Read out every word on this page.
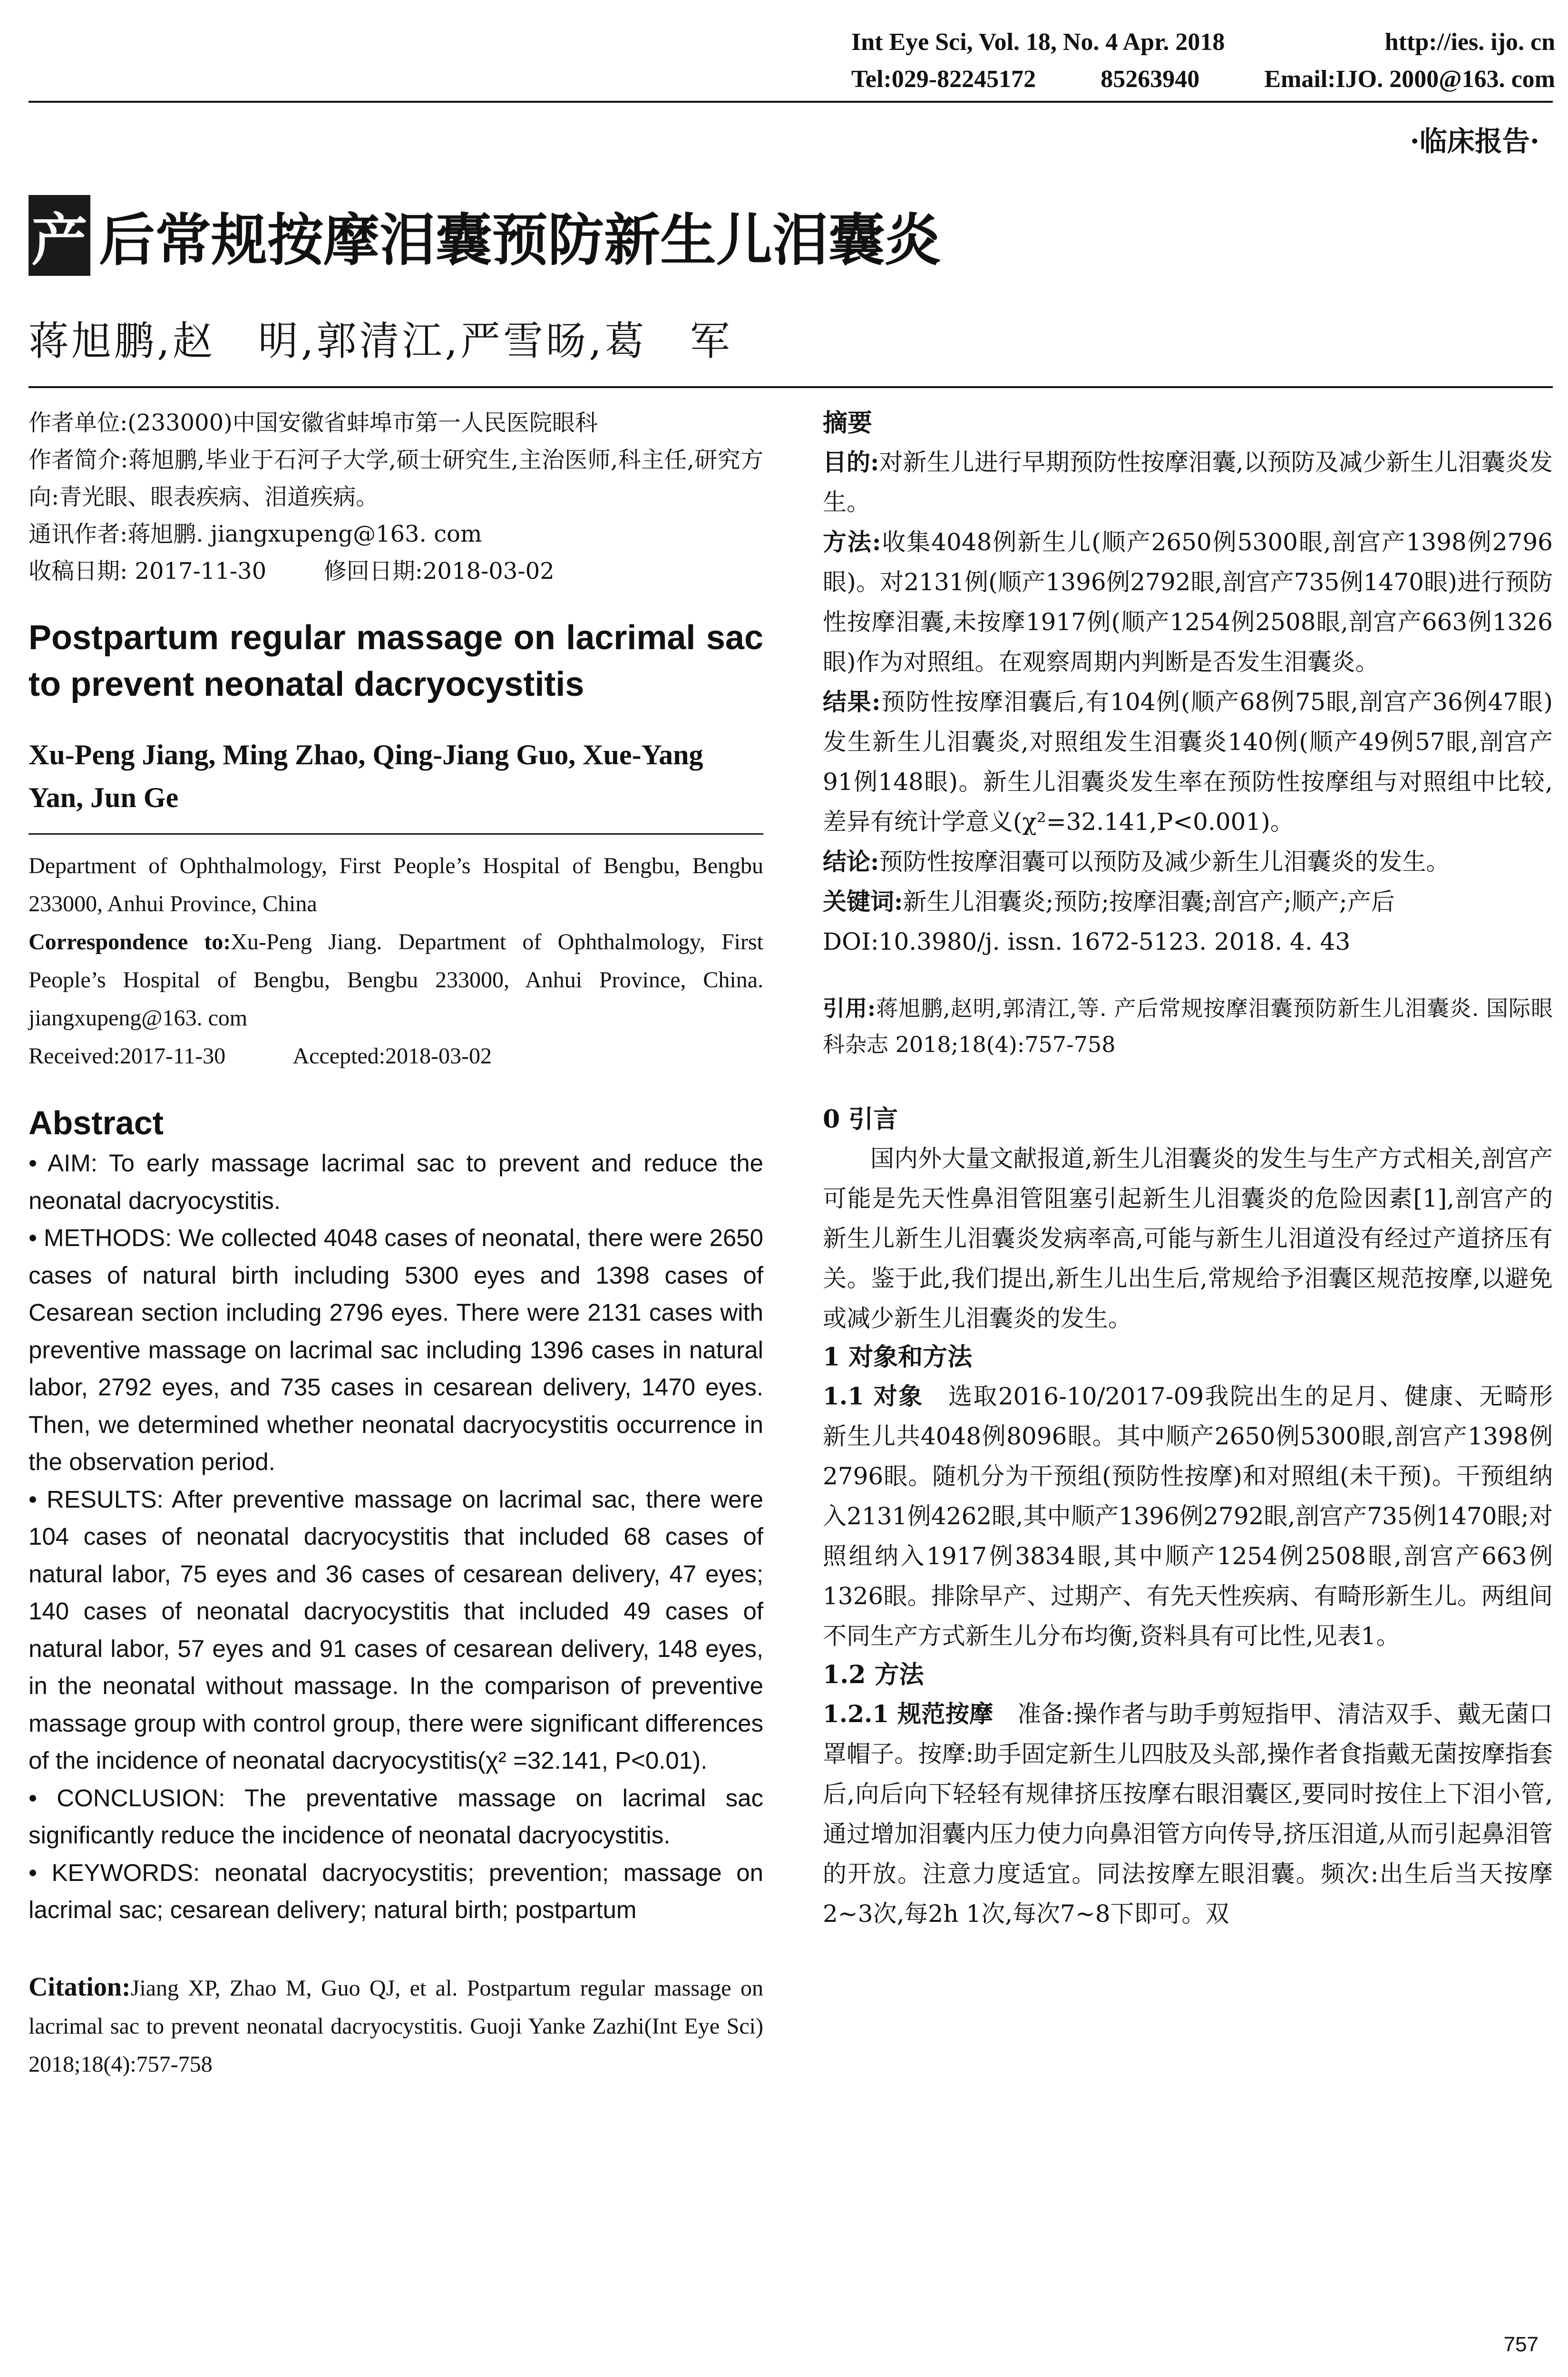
Int Eye Sci, Vol. 18, No. 4 Apr. 2018	http://ies. ijo. cn
Tel:029-82245172	85263940	Email:IJO. 2000@163. com
·临床报告·
产 后常规按摩泪囊预防新生儿泪囊炎
蒋旭鹏,赵　明,郭清江,严雪旸,葛　军

作者单位:(233000)中国安徽省蚌埠市第一人民医院眼科

作者简介:蒋旭鹏,毕业于石河子大学,硕士研究生,主治医师,科主任,研究方向:青光眼、眼表疾病、泪道疾病。

通讯作者:蒋旭鹏. jiangxupeng@163. com

收稿日期: 2017-11-30	修回日期:2018-03-02

Postpartum regular massage on lacrimal sac to prevent neonatal dacryocystitis
Xu-Peng Jiang, Ming Zhao, Qing-Jiang Guo, Xue-Yang Yan, Jun Ge

Department of Ophthalmology, First People’s Hospital of Bengbu, Bengbu 233000, Anhui Province, China

Correspondence to:Xu-Peng Jiang. Department of Ophthalmology, First People’s Hospital of Bengbu, Bengbu 233000, Anhui Province, China. jiangxupeng@163. com

Received:2017-11-30	Accepted:2018-03-02

Abstract

• AIM: To early massage lacrimal sac to prevent and reduce the neonatal dacryocystitis.

• METHODS: We collected 4048 cases of neonatal, there were 2650 cases of natural birth including 5300 eyes and 1398 cases of Cesarean section including 2796 eyes. There were 2131 cases with preventive massage on lacrimal sac including 1396 cases in natural labor, 2792 eyes, and 735 cases in cesarean delivery, 1470 eyes. Then, we determined whether neonatal dacryocystitis occurrence in the observation period.

• RESULTS: After preventive massage on lacrimal sac, there were 104 cases of neonatal dacryocystitis that included 68 cases of natural labor, 75 eyes and 36 cases of cesarean delivery, 47 eyes; 140 cases of neonatal dacryocystitis that included 49 cases of natural labor, 57 eyes and 91 cases of cesarean delivery, 148 eyes, in the neonatal without massage. In the comparison of preventive massage group with control group, there were significant differences of the incidence of neonatal dacryocystitis(χ² =32.141, P<0.01).

• CONCLUSION: The preventative massage on lacrimal sac significantly reduce the incidence of neonatal dacryocystitis.

• KEYWORDS: neonatal dacryocystitis; prevention; massage on lacrimal sac; cesarean delivery; natural birth; postpartum

Citation:Jiang XP, Zhao M, Guo QJ, et al. Postpartum regular massage on lacrimal sac to prevent neonatal dacryocystitis. Guoji Yanke Zazhi(Int Eye Sci) 2018;18(4):757-758
摘要

目的:对新生儿进行早期预防性按摩泪囊,以预防及减少新生儿泪囊炎发生。

方法:收集4048例新生儿(顺产2650例5300眼,剖宫产1398例2796眼)。对2131例(顺产1396例2792眼,剖宫产735例1470眼)进行预防性按摩泪囊,未按摩1917例(顺产1254例2508眼,剖宫产663例1326眼)作为对照组。在观察周期内判断是否发生泪囊炎。

结果:预防性按摩泪囊后,有104例(顺产68例75眼,剖宫产36例47眼)发生新生儿泪囊炎,对照组发生泪囊炎140例(顺产49例57眼,剖宫产91例148眼)。新生儿泪囊炎发生率在预防性按摩组与对照组中比较,差异有统计学意义(χ²=32.141,P<0.001)。

结论:预防性按摩泪囊可以预防及减少新生儿泪囊炎的发生。

关键词:新生儿泪囊炎;预防;按摩泪囊;剖宫产;顺产;产后

DOI:10.3980/j. issn. 1672-5123. 2018. 4. 43

引用:蒋旭鹏,赵明,郭清江,等. 产后常规按摩泪囊预防新生儿泪囊炎. 国际眼科杂志 2018;18(4):757-758

0 引言

国内外大量文献报道,新生儿泪囊炎的发生与生产方式相关,剖宫产可能是先天性鼻泪管阻塞引起新生儿泪囊炎的危险因素[1],剖宫产的新生儿新生儿泪囊炎发病率高,可能与新生儿泪道没有经过产道挤压有关。鉴于此,我们提出,新生儿出生后,常规给予泪囊区规范按摩,以避免或减少新生儿泪囊炎的发生。

1 对象和方法

1.1 对象 选取2016-10/2017-09我院出生的足月、健康、无畸形新生儿共4048例8096眼。其中顺产2650例5300眼,剖宫产1398例2796眼。随机分为干预组(预防性按摩)和对照组(未干预)。干预组纳入2131例4262眼,其中顺产1396例2792眼,剖宫产735例1470眼;对照组纳入1917例3834眼,其中顺产1254例2508眼,剖宫产663例1326眼。排除早产、过期产、有先天性疾病、有畸形新生儿。两组间不同生产方式新生儿分布均衡,资料具有可比性,见表1。

1.2 方法

1.2.1 规范按摩 准备:操作者与助手剪短指甲、清洁双手、戴无菌口罩帽子。按摩:助手固定新生儿四肢及头部,操作者食指戴无菌按摩指套后,向后向下轻轻有规律挤压按摩右眼泪囊区,要同时按住上下泪小管,通过增加泪囊内压力使力向鼻泪管方向传导,挤压泪道,从而引起鼻泪管的开放。注意力度适宜。同法按摩左眼泪囊。频次:出生后当天按摩2~3次,每2h 1次,每次7~8下即可。双

757
